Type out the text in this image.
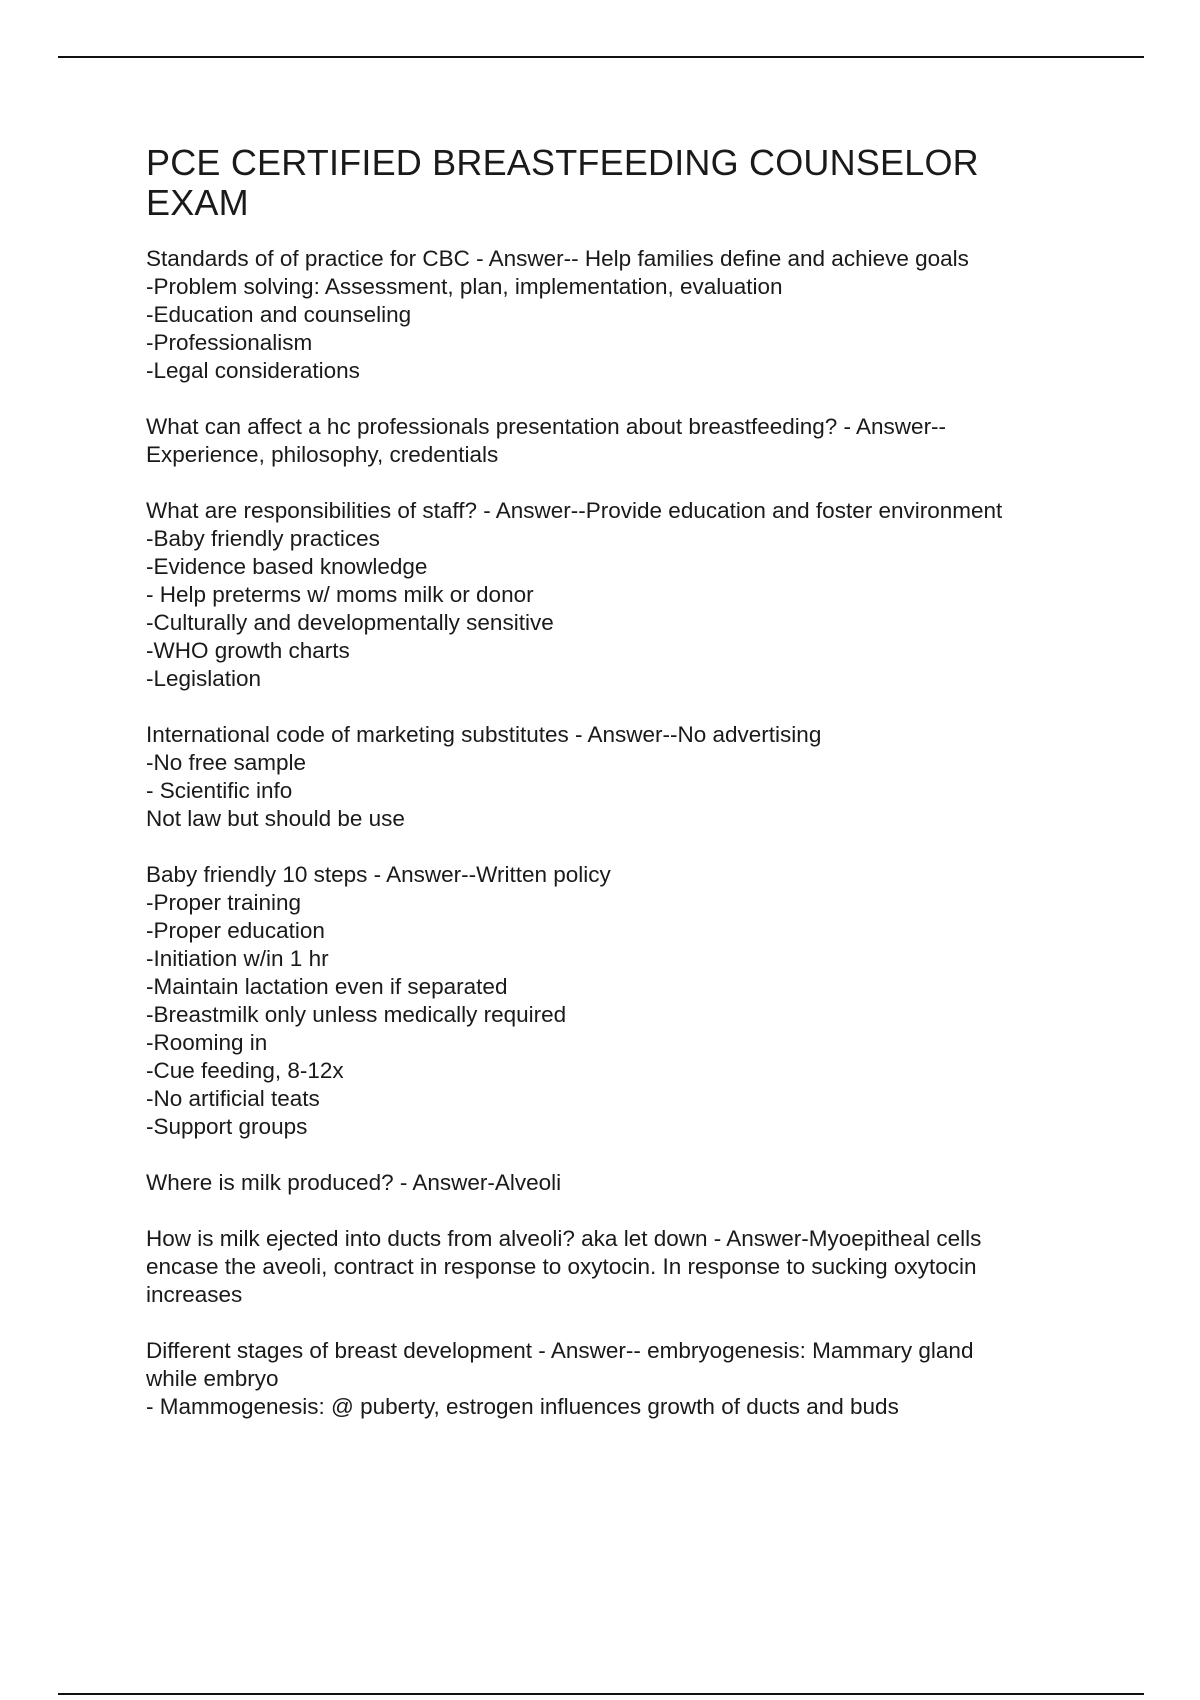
PCE CERTIFIED BREASTFEEDING COUNSELOR
EXAM
Standards of of practice for CBC - Answer-- Help families define and achieve goals
-Problem solving: Assessment, plan, implementation, evaluation
-Education and counseling
-Professionalism
-Legal considerations
What can affect a hc professionals presentation about breastfeeding? - Answer--
Experience, philosophy, credentials
What are responsibilities of staff? - Answer--Provide education and foster environment
-Baby friendly practices
-Evidence based knowledge
- Help preterms w/ moms milk or donor
-Culturally and developmentally sensitive
-WHO growth charts
-Legislation
International code of marketing substitutes - Answer--No advertising
-No free sample
- Scientific info
Not law but should be use
Baby friendly 10 steps - Answer--Written policy
-Proper training
-Proper education
-Initiation w/in 1 hr
-Maintain lactation even if separated
-Breastmilk only unless medically required
-Rooming in
-Cue feeding, 8-12x
-No artificial teats
-Support groups
Where is milk produced? - Answer-Alveoli
How is milk ejected into ducts from alveoli? aka let down - Answer-Myoepitheal cells
encase the aveoli, contract in response to oxytocin. In response to sucking oxytocin
increases
Different stages of breast development - Answer-- embryogenesis: Mammary gland
while embryo
- Mammogenesis: @ puberty, estrogen influences growth of ducts and buds
